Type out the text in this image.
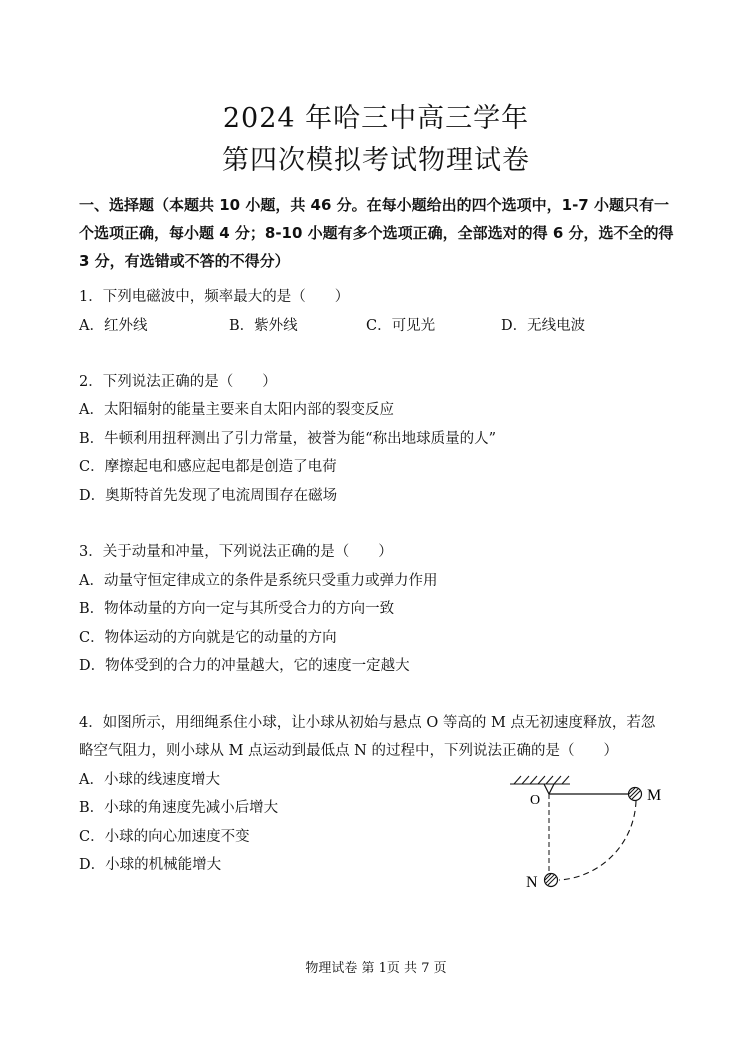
2024 年哈三中高三学年
第四次模拟考试物理试卷
一、选择题（本题共 10 小题，共 46 分。在每小题给出的四个选项中，1-7 小题只有一个选项正确，每小题 4 分；8-10 小题有多个选项正确，全部选对的得 6 分，选不全的得 3 分，有选错或不答的不得分）
1．下列电磁波中，频率最大的是（　　）
A．红外线	B．紫外线	C．可见光	D．无线电波
2．下列说法正确的是（　　）
A．太阳辐射的能量主要来自太阳内部的裂变反应
B．牛顿利用扭秤测出了引力常量，被誉为能“称出地球质量的人”
C．摩擦起电和感应起电都是创造了电荷
D．奥斯特首先发现了电流周围存在磁场
3．关于动量和冲量，下列说法正确的是（　　）
A．动量守恒定律成立的条件是系统只受重力或弹力作用
B．物体动量的方向一定与其所受合力的方向一致
C．物体运动的方向就是它的动量的方向
D．物体受到的合力的冲量越大，它的速度一定越大
4．如图所示，用细绳系住小球，让小球从初始与悬点 O 等高的 M 点无初速度释放，若忽
略空气阻力，则小球从 M 点运动到最低点 N 的过程中，下列说法正确的是（　　）
A．小球的线速度增大
B．小球的角速度先减小后增大
C．小球的向心加速度不变
D．小球的机械能增大
O	M
N
物理试卷 第 1页 共 7 页
